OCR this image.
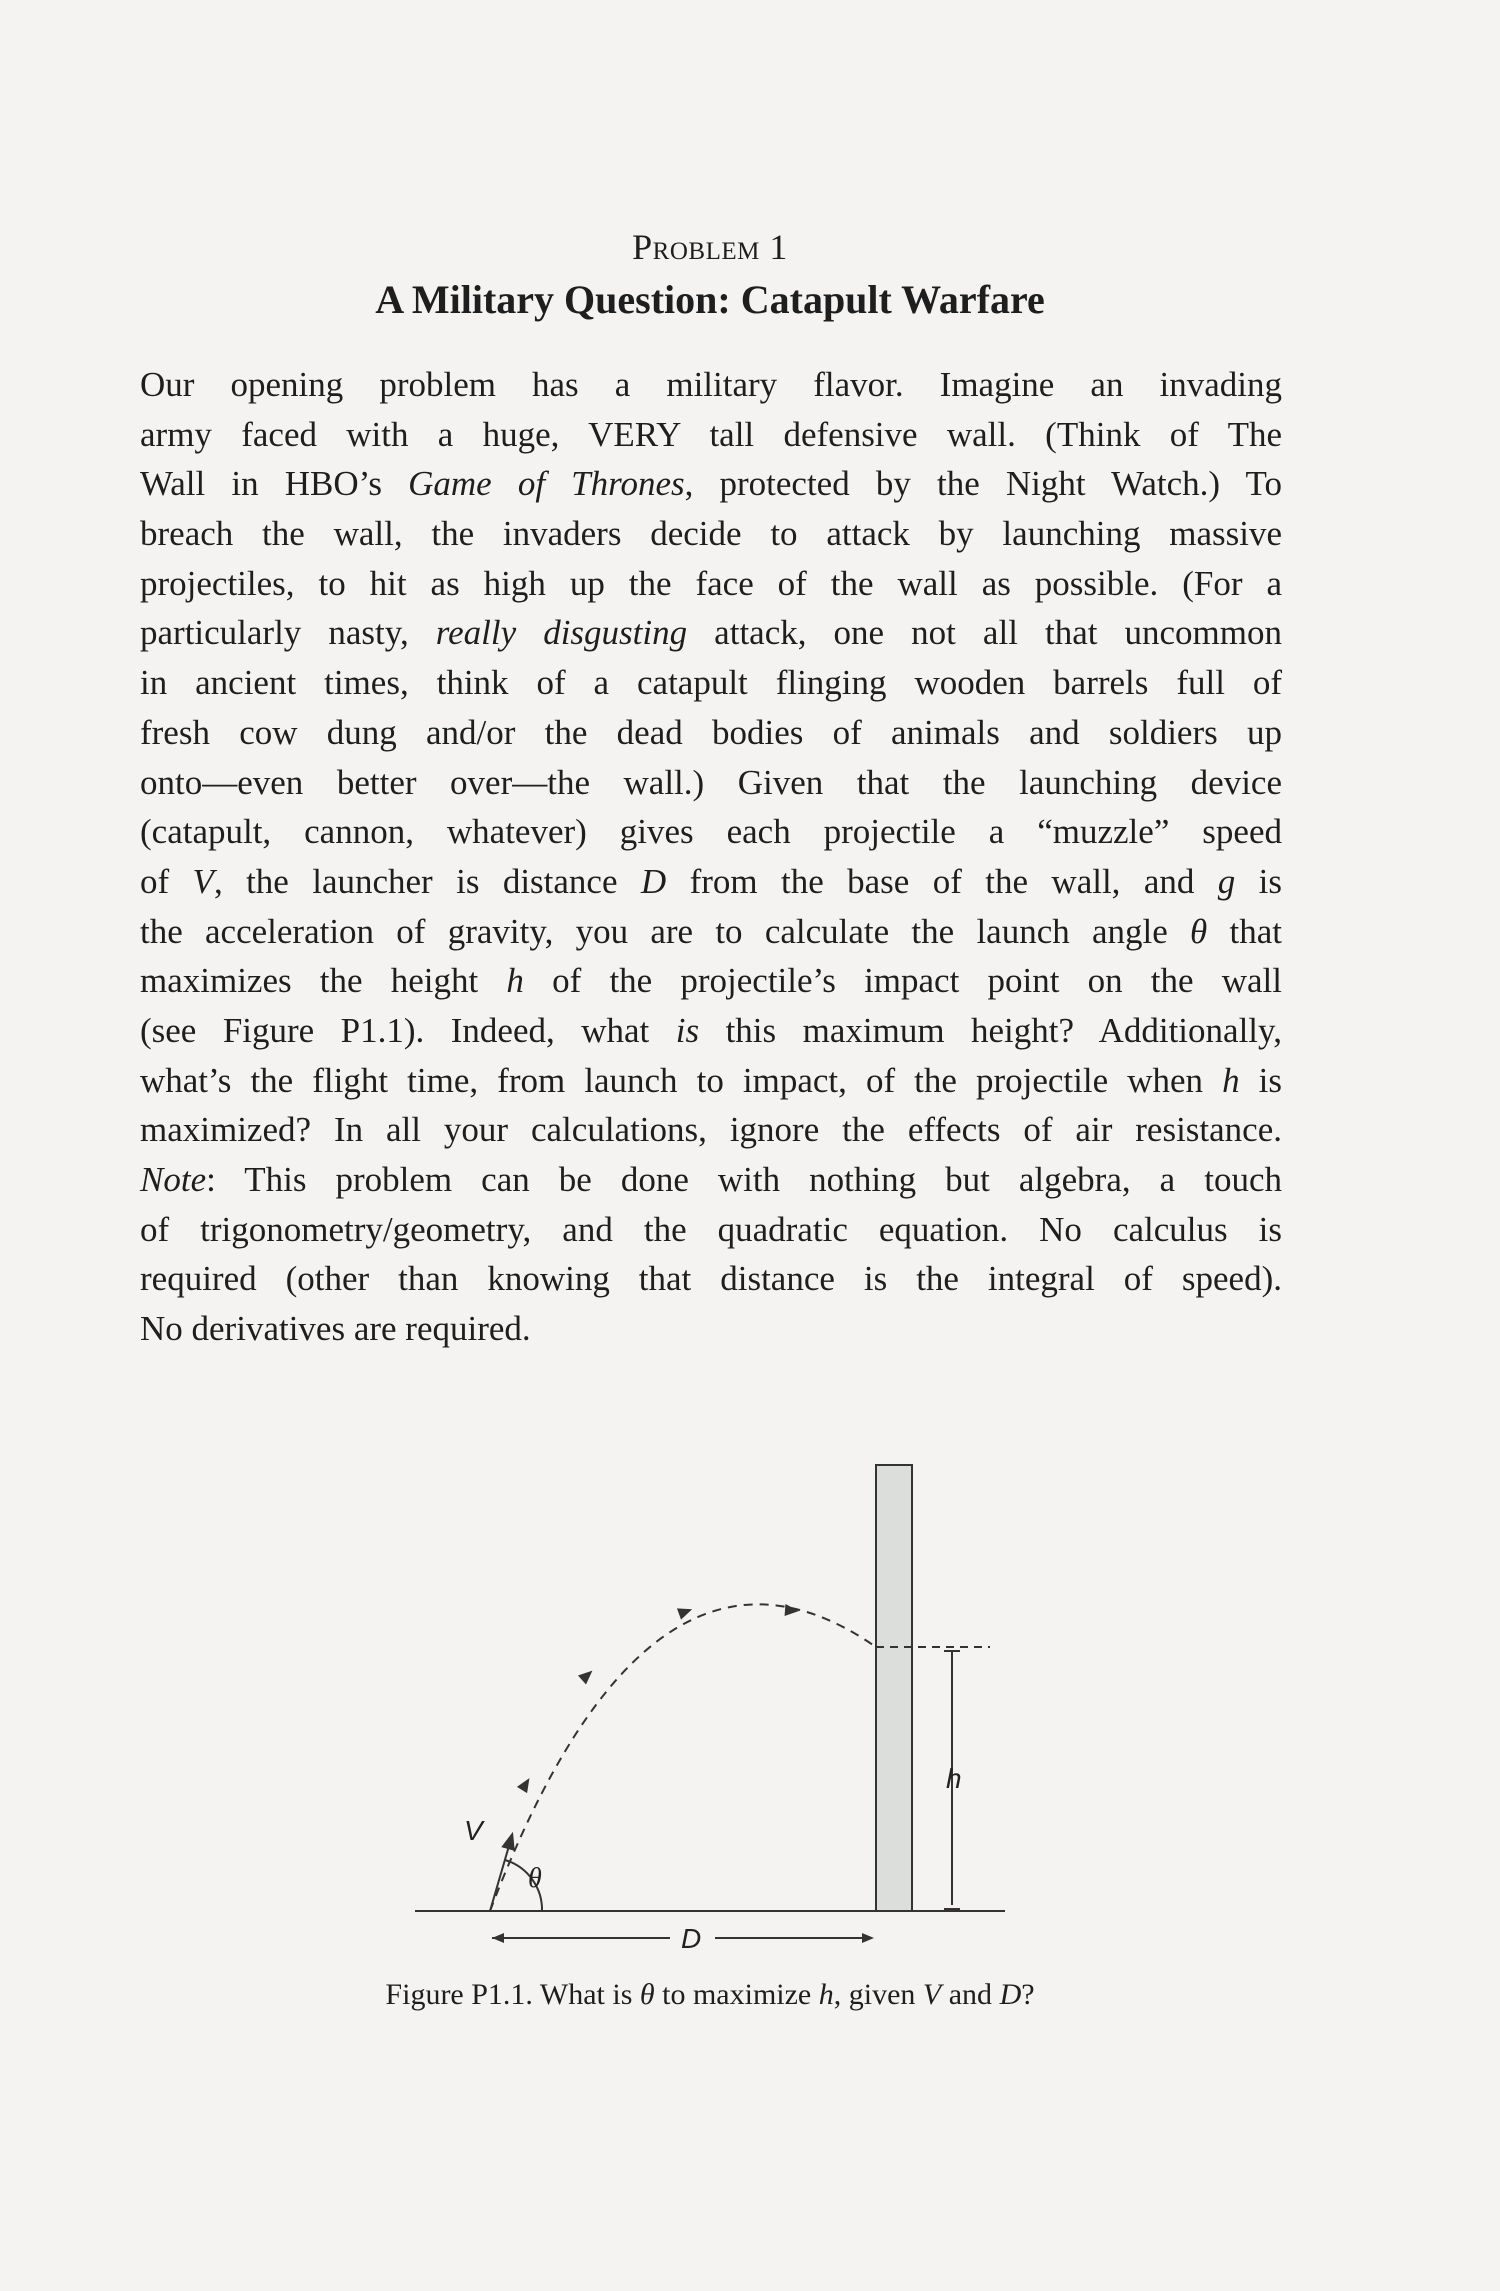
Problem 1
A Military Question: Catapult Warfare
Our opening problem has a military flavor. Imagine an invading
army faced with a huge, VERY tall defensive wall. (Think of The
Wall in HBO’s Game of Thrones, protected by the Night Watch.) To
breach the wall, the invaders decide to attack by launching massive
projectiles, to hit as high up the face of the wall as possible. (For a
particularly nasty, really disgusting attack, one not all that uncommon
in ancient times, think of a catapult flinging wooden barrels full of
fresh cow dung and/or the dead bodies of animals and soldiers up
onto—even better over—the wall.) Given that the launching device
(catapult, cannon, whatever) gives each projectile a “muzzle” speed
of V, the launcher is distance D from the base of the wall, and g is
the acceleration of gravity, you are to calculate the launch angle θ that
maximizes the height h of the projectile’s impact point on the wall
(see Figure P1.1). Indeed, what is this maximum height? Additionally,
what’s the flight time, from launch to impact, of the projectile when h is
maximized? In all your calculations, ignore the effects of air resistance.
Note: This problem can be done with nothing but algebra, a touch
of trigonometry/geometry, and the quadratic equation. No calculus is
required (other than knowing that distance is the integral of speed).
No derivatives are required.
V
θ
h
D
Figure P1.1. What is θ to maximize h, given V and D?
